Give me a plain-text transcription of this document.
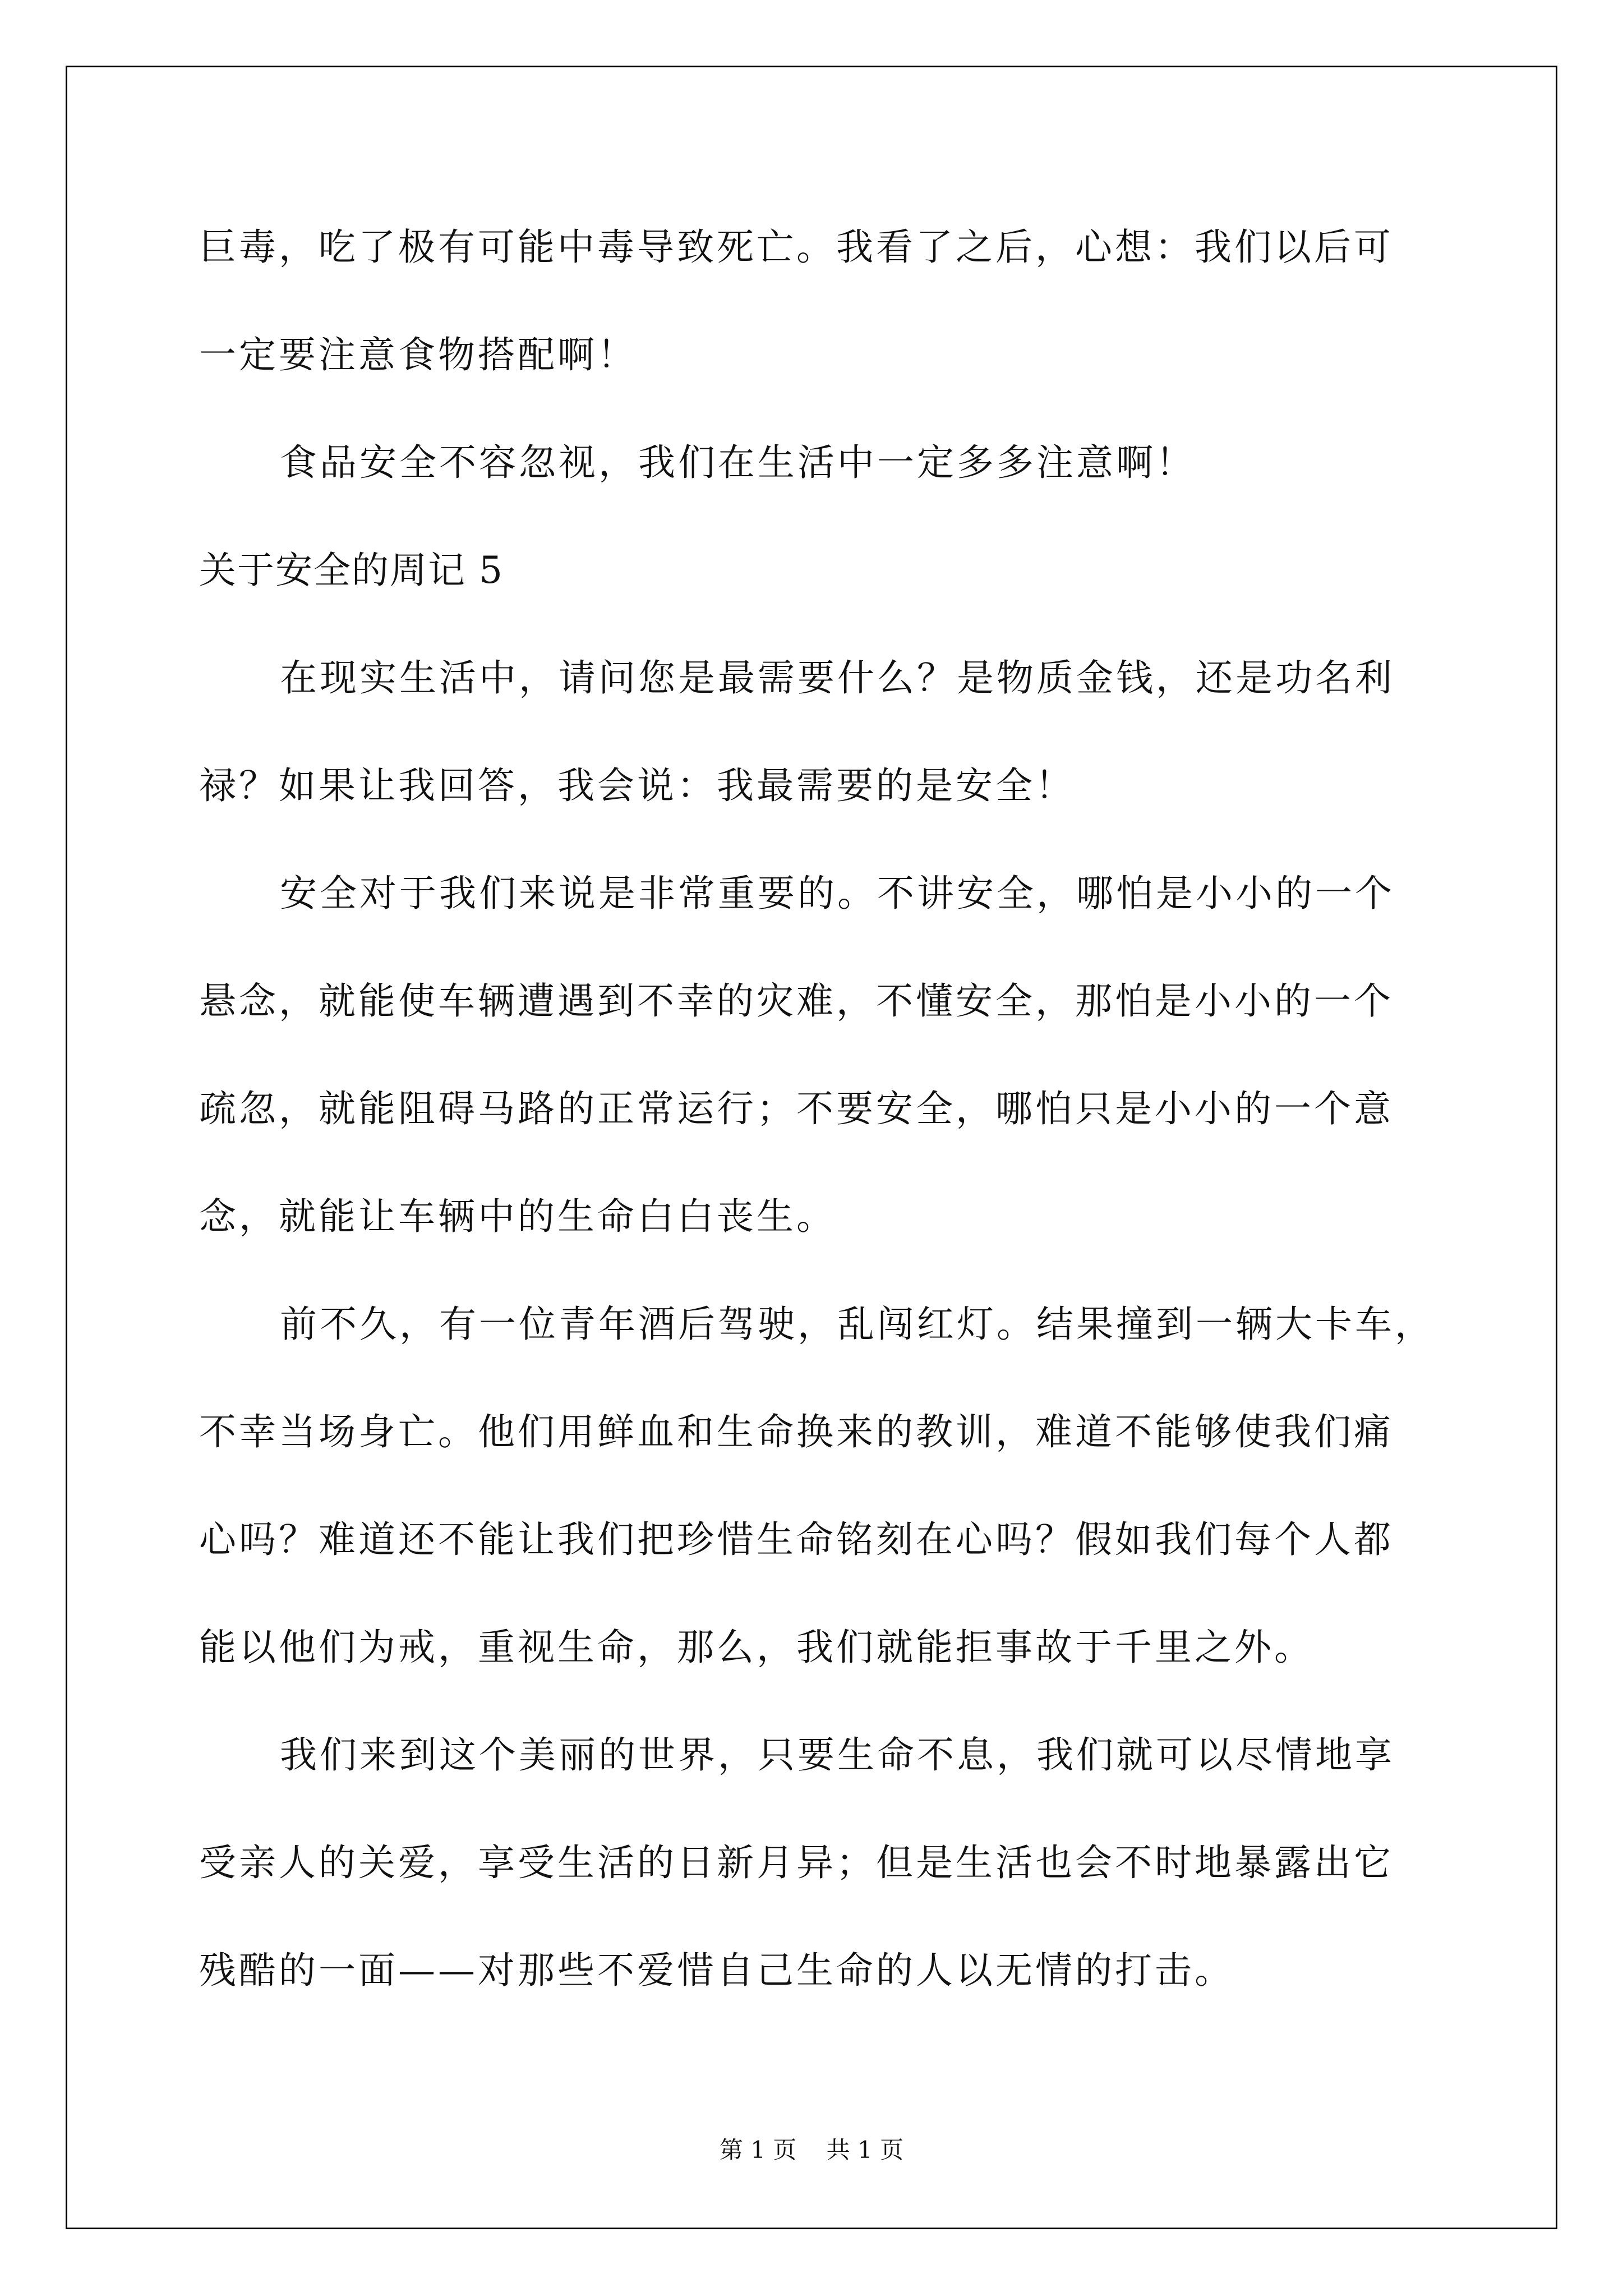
巨毒，吃了极有可能中毒导致死亡。我看了之后，心想：我们以后可
一定要注意食物搭配啊！
食品安全不容忽视，我们在生活中一定多多注意啊！
关于安全的周记 5
在现实生活中，请问您是最需要什么？是物质金钱，还是功名利
禄？如果让我回答，我会说：我最需要的是安全！
安全对于我们来说是非常重要的。不讲安全，哪怕是小小的一个
悬念，就能使车辆遭遇到不幸的灾难，不懂安全，那怕是小小的一个
疏忽，就能阻碍马路的正常运行；不要安全，哪怕只是小小的一个意
念，就能让车辆中的生命白白丧生。
前不久，有一位青年酒后驾驶，乱闯红灯。结果撞到一辆大卡车，
不幸当场身亡。他们用鲜血和生命换来的教训，难道不能够使我们痛
心吗？难道还不能让我们把珍惜生命铭刻在心吗？假如我们每个人都
能以他们为戒，重视生命，那么，我们就能拒事故于千里之外。
我们来到这个美丽的世界，只要生命不息，我们就可以尽情地享
受亲人的关爱，享受生活的日新月异；但是生活也会不时地暴露出它
残酷的一面——对那些不爱惜自己生命的人以无情的打击。
第 1 页 共 1 页
